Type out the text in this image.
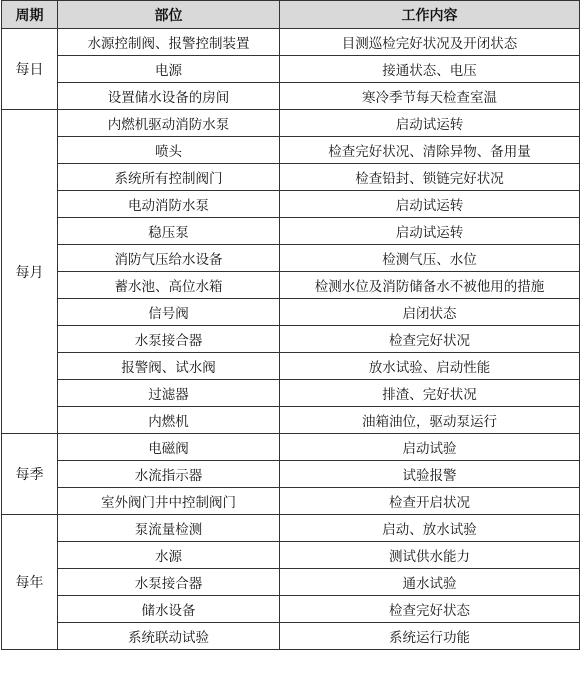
周期	部位	工作内容
每日	水源控制阀、报警控制装置	目测巡检完好状况及开闭状态
	电源	接通状态、电压
	设置储水设备的房间	寒冷季节每天检查室温
每月	内燃机驱动消防水泵	启动试运转
	喷头	检查完好状况、清除异物、备用量
	系统所有控制阀门	检查铅封、锁链完好状况
	电动消防水泵	启动试运转
	稳压泵	启动试运转
	消防气压给水设备	检测气压、水位
	蓄水池、高位水箱	检测水位及消防储备水不被他用的措施
	信号阀	启闭状态
	水泵接合器	检查完好状况
	报警阀、试水阀	放水试验、启动性能
	过滤器	排渣、完好状况
	内燃机	油箱油位，驱动泵运行
每季	电磁阀	启动试验
	水流指示器	试验报警
	室外阀门井中控制阀门	检查开启状况
每年	泵流量检测	启动、放水试验
	水源	测试供水能力
	水泵接合器	通水试验
	储水设备	检查完好状态
	系统联动试验	系统运行功能
